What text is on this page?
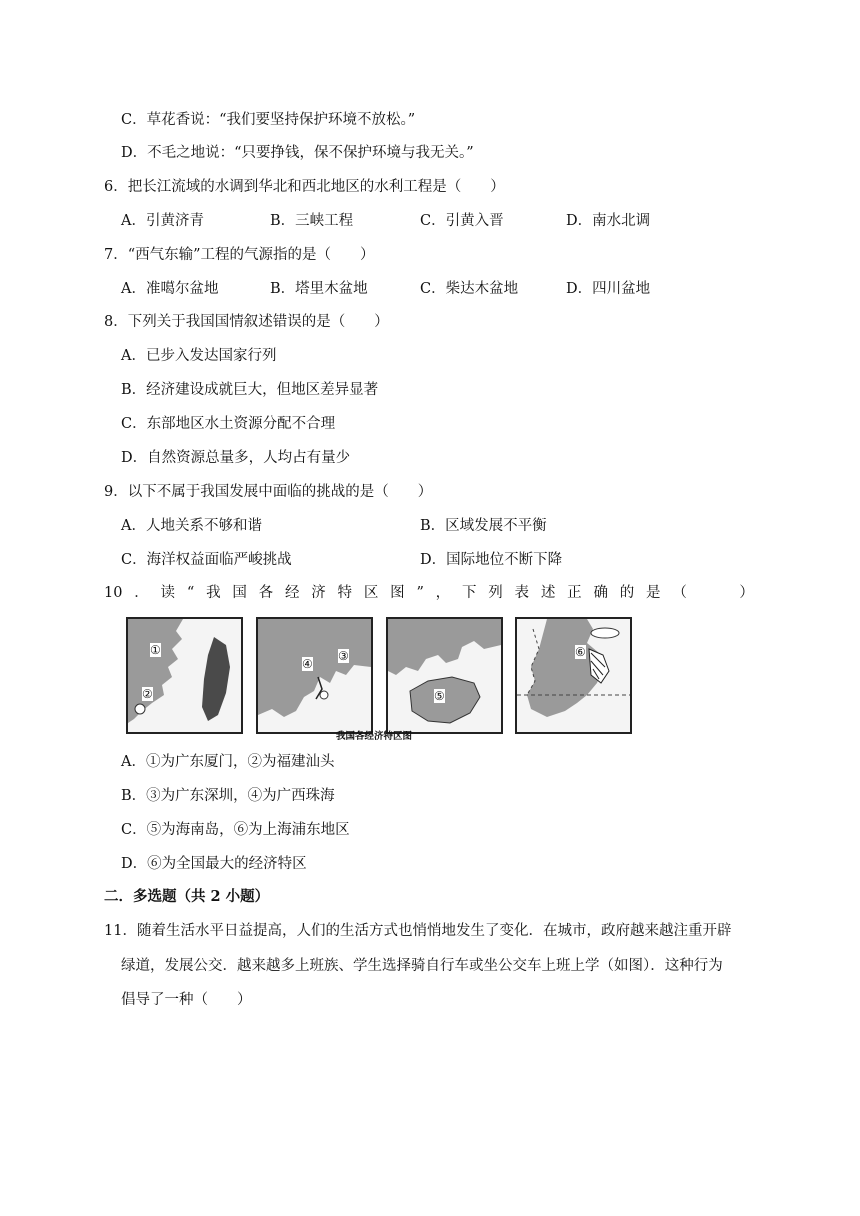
C．草花香说：“我们要坚持保护环境不放松。”
D．不毛之地说：“只要挣钱，保不保护环境与我无关。”
6．把长江流域的水调到华北和西北地区的水利工程是（　　）
A．引黄济青	B．三峡工程	C．引黄入晋	D．南水北调
7．“西气东输”工程的气源指的是（　　）
A．准噶尔盆地	B．塔里木盆地	C．柴达木盆地	D．四川盆地
8．下列关于我国国情叙述错误的是（　　）
A．已步入发达国家行列
B．经济建设成就巨大，但地区差异显著
C．东部地区水土资源分配不合理
D．自然资源总量多，人均占有量少
9．以下不属于我国发展中面临的挑战的是（　　）
A．人地关系不够和谐	B．区域发展不平衡
C．海洋权益面临严峻挑战	D．国际地位不断下降
10 ． 读 “ 我 国 各 经 济 特 区 图 ” ， 下 列 表 述 正 确 的 是 （
　　	）
①
②
④
③
⑤
⑥
我国各经济特区图
A．①为广东厦门，②为福建汕头
B．③为广东深圳，④为广西珠海
C．⑤为海南岛，⑥为上海浦东地区
D．⑥为全国最大的经济特区
二．多选题（共 2 小题）
11．随着生活水平日益提高，人们的生活方式也悄悄地发生了变化．在城市，政府越来越注重开辟
绿道，发展公交．越来越多上班族、学生选择骑自行车或坐公交车上班上学（如图）．这种行为
倡导了一种（　　）
